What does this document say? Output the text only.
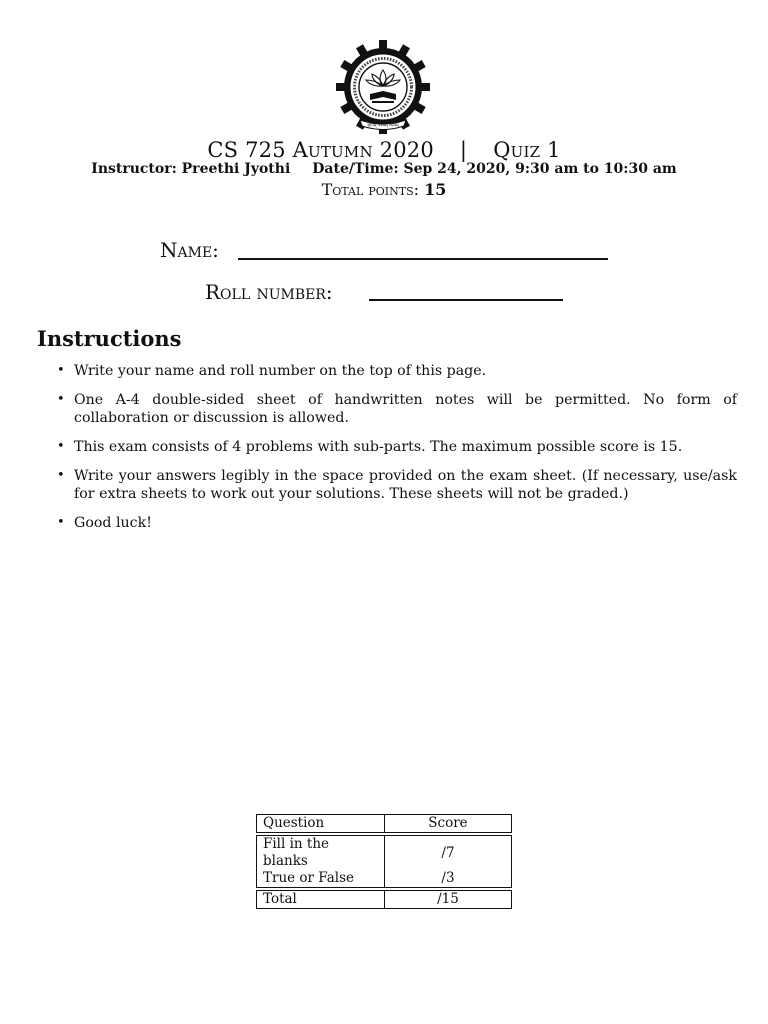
ज्ञानम् परमम् ध्येयम्
CS 725 Autumn 2020 | Quiz 1
Instructor: Preethi Jyothi Date/Time: Sep 24, 2020, 9:30 am to 10:30 am
Total points: 15
Name:
Roll number:
Instructions
• Write your name and roll number on the top of this page.
• One A-4 double-sided sheet of handwritten notes will be permitted. No form of collaboration or discussion is allowed.
• This exam consists of 4 problems with sub-parts. The maximum possible score is 15.
• Write your answers legibly in the space provided on the exam sheet. (If necessary, use/ask for extra sheets to work out your solutions. These sheets will not be graded.)
• Good luck!
Question	Score

Fill in the blanks	/7
True or False	/3

Total	/15
